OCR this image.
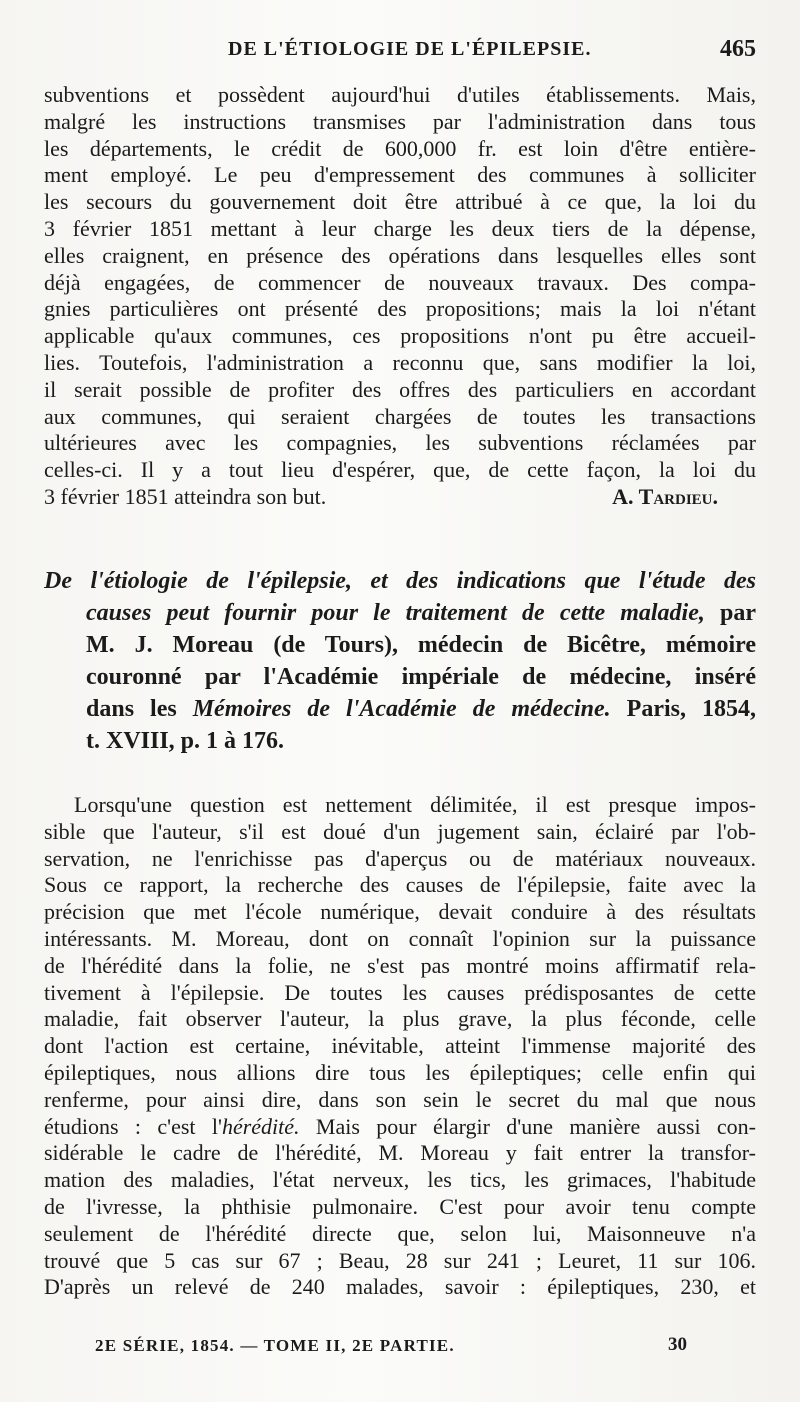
DE L'ÉTIOLOGIE DE L'ÉPILEPSIE.	465
subventions et possèdent aujourd'hui d'utiles établissements. Mais,
malgré les instructions transmises par l'administration dans tous
les départements, le crédit de 600,000 fr. est loin d'être entière-
ment employé. Le peu d'empressement des communes à solliciter
les secours du gouvernement doit être attribué à ce que, la loi du
3 février 1851 mettant à leur charge les deux tiers de la dépense,
elles craignent, en présence des opérations dans lesquelles elles sont
déjà engagées, de commencer de nouveaux travaux. Des compa-
gnies particulières ont présenté des propositions; mais la loi n'étant
applicable qu'aux communes, ces propositions n'ont pu être accueil-
lies. Toutefois, l'administration a reconnu que, sans modifier la loi,
il serait possible de profiter des offres des particuliers en accordant
aux communes, qui seraient chargées de toutes les transactions
ultérieures avec les compagnies, les subventions réclamées par
celles-ci. Il y a tout lieu d'espérer, que, de cette façon, la loi du
3 février 1851 atteindra son but.	A. Tardieu.
De l'étiologie de l'épilepsie, et des indications que l'étude des
causes peut fournir pour le traitement de cette maladie, par
M. J. Moreau (de Tours), médecin de Bicêtre, mémoire
couronné par l'Académie impériale de médecine, inséré
dans les Mémoires de l'Académie de médecine. Paris, 1854,
t. XVIII, p. 1 à 176.
Lorsqu'une question est nettement délimitée, il est presque impos-
sible que l'auteur, s'il est doué d'un jugement sain, éclairé par l'ob-
servation, ne l'enrichisse pas d'aperçus ou de matériaux nouveaux.
Sous ce rapport, la recherche des causes de l'épilepsie, faite avec la
précision que met l'école numérique, devait conduire à des résultats
intéressants. M. Moreau, dont on connaît l'opinion sur la puissance
de l'hérédité dans la folie, ne s'est pas montré moins affirmatif rela-
tivement à l'épilepsie. De toutes les causes prédisposantes de cette
maladie, fait observer l'auteur, la plus grave, la plus féconde, celle
dont l'action est certaine, inévitable, atteint l'immense majorité des
épileptiques, nous allions dire tous les épileptiques; celle enfin qui
renferme, pour ainsi dire, dans son sein le secret du mal que nous
étudions : c'est l'hérédité. Mais pour élargir d'une manière aussi con-
sidérable le cadre de l'hérédité, M. Moreau y fait entrer la transfor-
mation des maladies, l'état nerveux, les tics, les grimaces, l'habitude
de l'ivresse, la phthisie pulmonaire. C'est pour avoir tenu compte
seulement de l'hérédité directe que, selon lui, Maisonneuve n'a
trouvé que 5 cas sur 67 ; Beau, 28 sur 241 ; Leuret, 11 sur 106.
D'après un relevé de 240 malades, savoir : épileptiques, 230, et
2E SÉRIE, 1854. — TOME II, 2E PARTIE.	30
